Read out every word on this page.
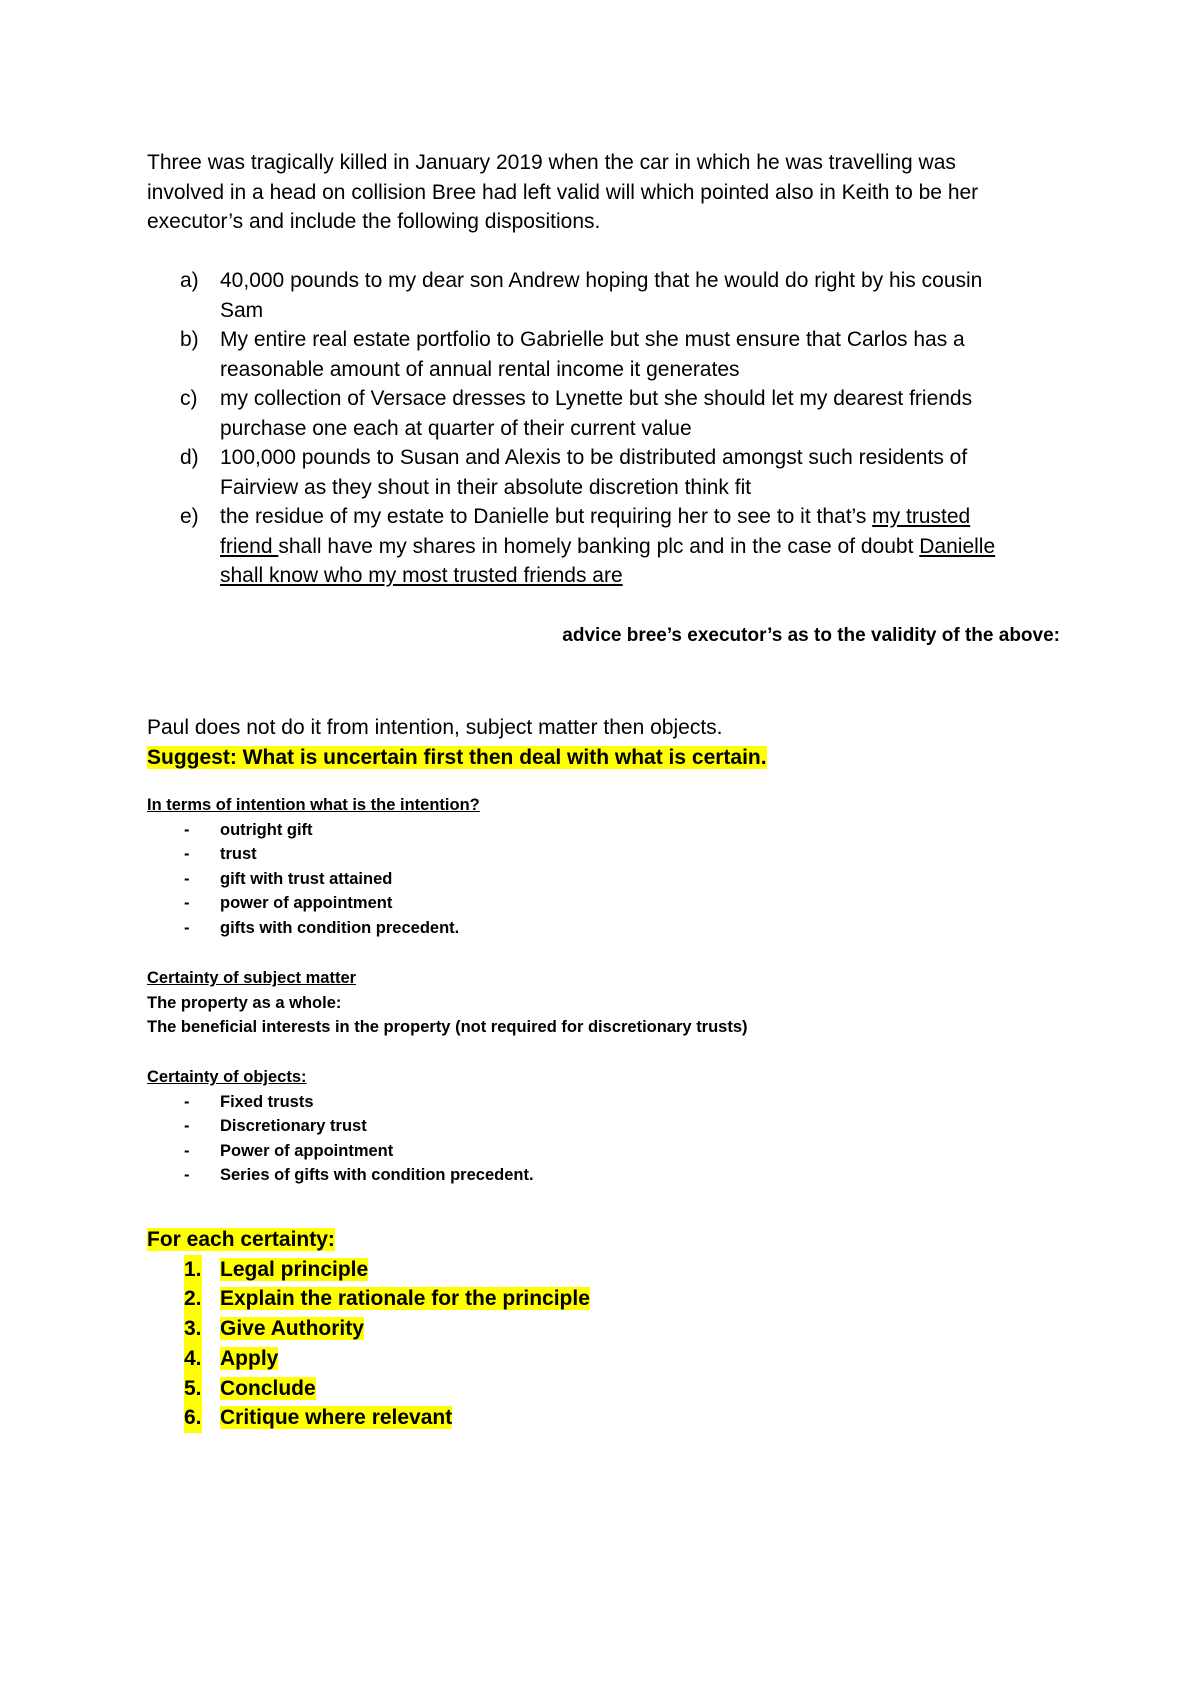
Three was tragically killed in January 2019 when the car in which he was travelling was

involved in a head on collision Bree had left valid will which pointed also in Keith to be her

executor’s and include the following dispositions.

a) 40,000 pounds to my dear son Andrew hoping that he would do right by his cousin
Sam
b) My entire real estate portfolio to Gabrielle but she must ensure that Carlos has a
reasonable amount of annual rental income it generates
c) my collection of Versace dresses to Lynette but she should let my dearest friends
purchase one each at quarter of their current value
d) 100,000 pounds to Susan and Alexis to be distributed amongst such residents of
Fairview as they shout in their absolute discretion think fit
e) the residue of my estate to Danielle but requiring her to see to it that’s my trusted
friend shall have my shares in homely banking plc and in the case of doubt Danielle
shall know who my most trusted friends are
advice bree’s executor’s as to the validity of the above:

Paul does not do it from intention, subject matter then objects.

Suggest: What is uncertain first then deal with what is certain.

In terms of intention what is the intention?

- outright gift
- trust
- gift with trust attained
- power of appointment
- gifts with condition precedent.

Certainty of subject matter

The property as a whole:

The beneficial interests in the property (not required for discretionary trusts)

Certainty of objects:

- Fixed trusts
- Discretionary trust
- Power of appointment
- Series of gifts with condition precedent.

For each certainty:

1. Legal principle
2. Explain the rationale for the principle
3. Give Authority
4. Apply
5. Conclude
6. Critique where relevant
